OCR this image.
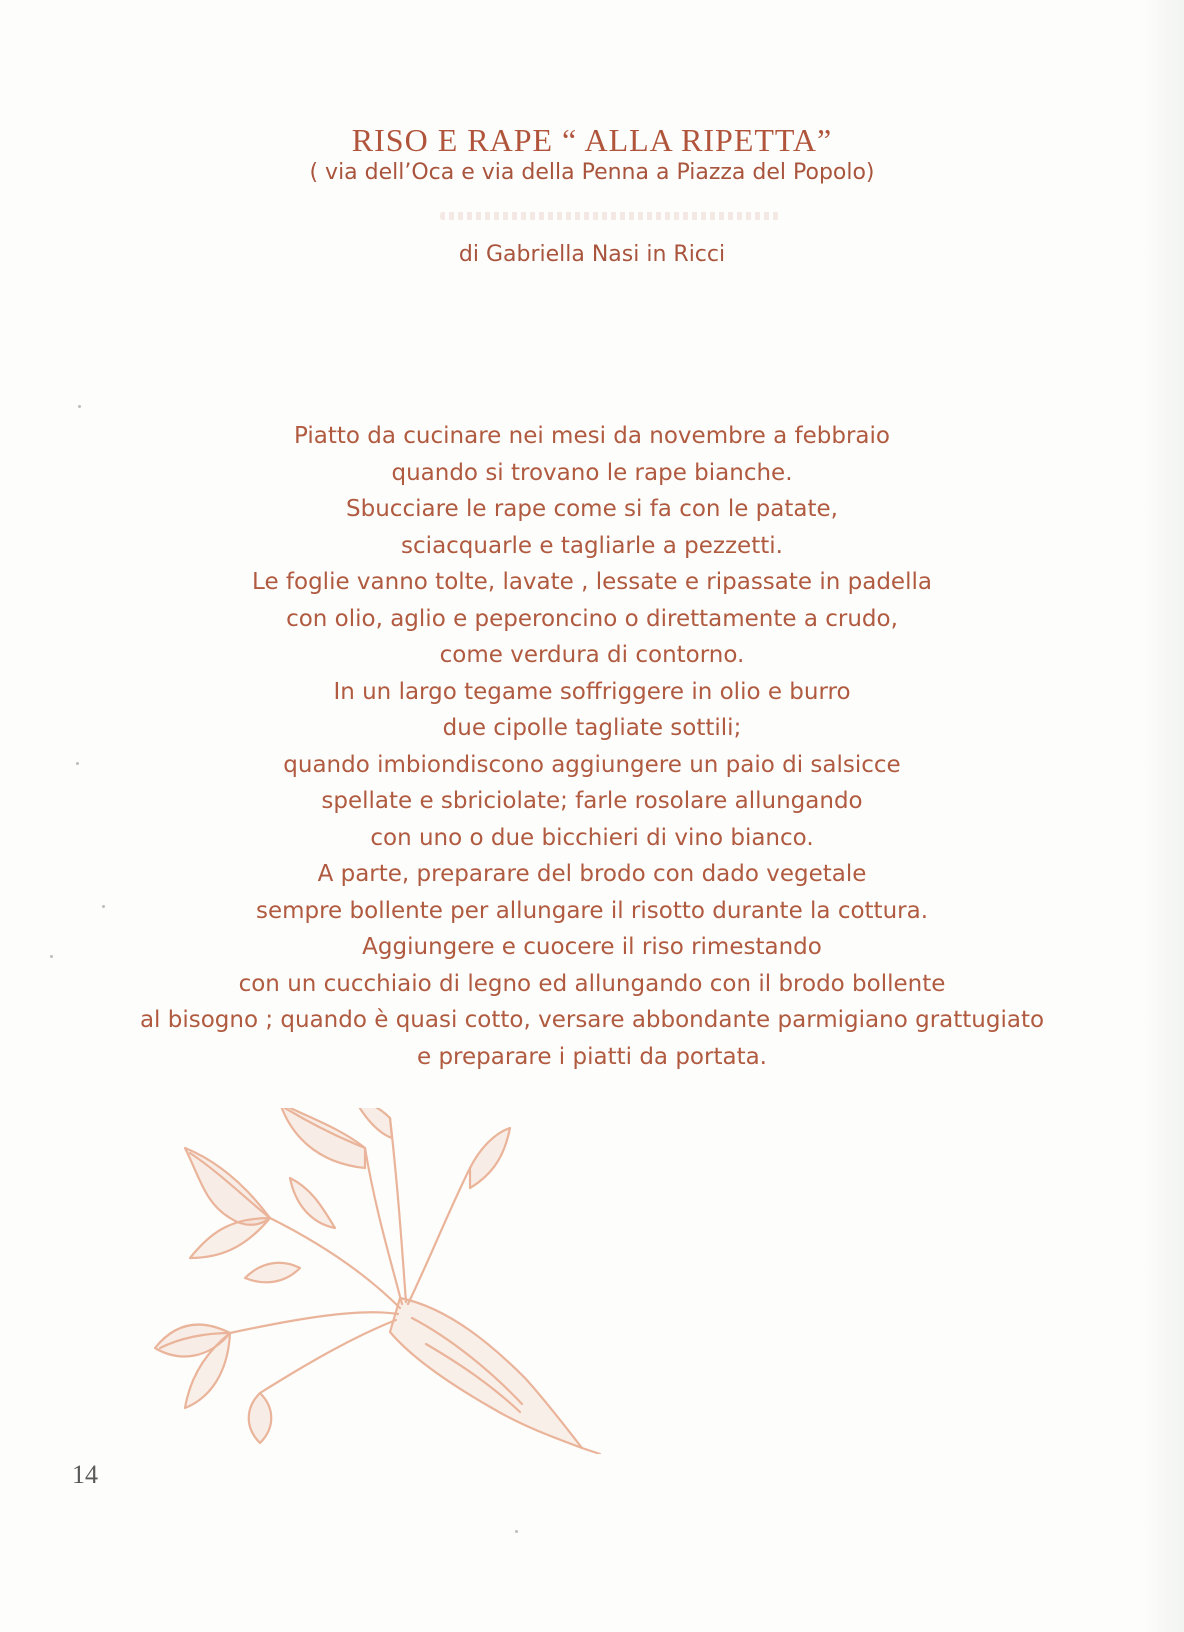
RISO E RAPE “ ALLA RIPETTA”
( via dell’Oca e via della Penna a Piazza del Popolo)
di Gabriella Nasi in Ricci
Piatto da cucinare nei mesi da novembre a febbraio
quando si trovano le rape bianche.
Sbucciare le rape come si fa con le patate,
sciacquarle e tagliarle a pezzetti.
Le foglie vanno tolte, lavate , lessate e ripassate in padella
con olio, aglio e peperoncino o direttamente a crudo,
come verdura di contorno.
In un largo tegame soffriggere in olio e burro
due cipolle tagliate sottili;
quando imbiondiscono aggiungere un paio di salsicce
spellate e sbriciolate; farle rosolare allungando
con uno o due bicchieri di vino bianco.
A parte, preparare del brodo con dado vegetale
sempre bollente per allungare il risotto durante la cottura.
Aggiungere e cuocere il riso rimestando
con un cucchiaio di legno ed allungando con il brodo bollente
al bisogno ; quando è quasi cotto, versare abbondante parmigiano grattugiato
e preparare i piatti da portata.
14
